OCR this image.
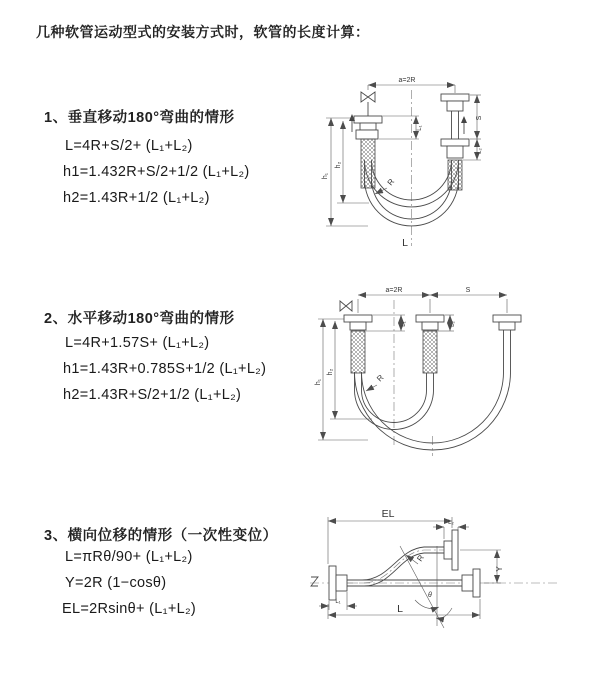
几种软管运动型式的安装方式时，软管的长度计算：
1、垂直移动180°弯曲的情形
L=4R+S/2+ (L₁+L₂)
h1=1.432R+S/2+1/2 (L₁+L₂)
h2=1.43R+1/2 (L₁+L₂)
a=2R
h₁
h₂
S
L₂
L₁
R
L
2、水平移动180°弯曲的情形
L=4R+1.57S+ (L₁+L₂)
h1=1.43R+0.785S+1/2 (L₁+L₂)
h2=1.43R+S/2+1/2 (L₁+L₂)
a=2R	S
h₁
h₂
L₁	L₂
R
3、横向位移的情形（一次性变位）
L=πRθ/90+ (L₁+L₂)
Y=2R (1−cosθ)
EL=2Rsinθ+ (L₁+L₂)
EL
L₂
Y
θ
R
L
L₁
